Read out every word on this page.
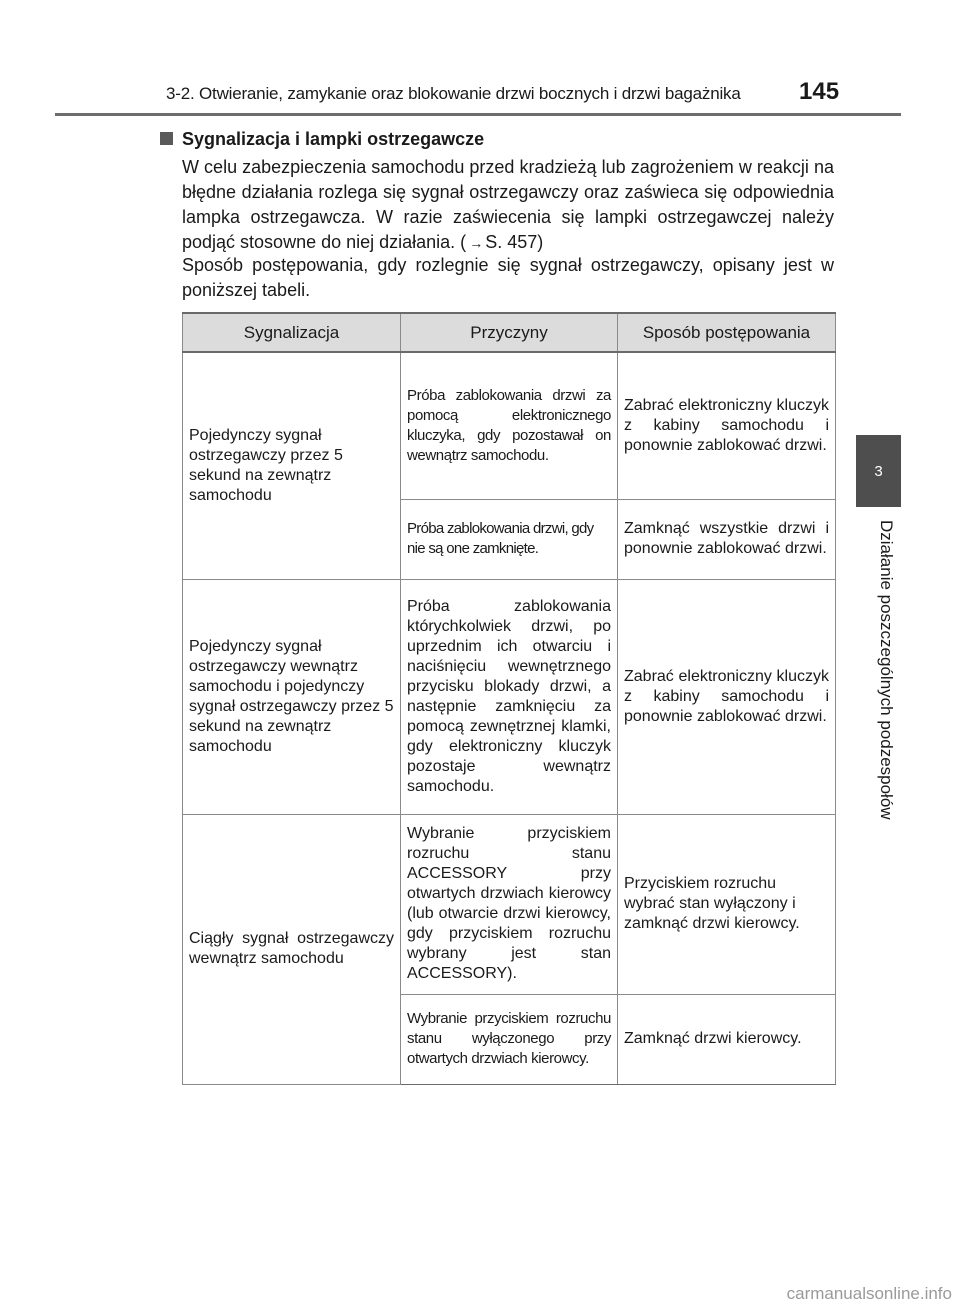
3-2. Otwieranie, zamykanie oraz blokowanie drzwi bocznych i drzwi bagażnika 145
Sygnalizacja i lampki ostrzegawcze

W celu zabezpieczenia samochodu przed kradzieżą lub zagrożeniem w reakcji na błędne działania rozlega się sygnał ostrzegawczy oraz zaświeca się odpowiednia lampka ostrzegawcza. W razie zaświecenia się lampki ostrzegawczej należy podjąć stosowne do niej działania. ( → S. 457)

Sposób postępowania, gdy rozlegnie się sygnał ostrzegawczy, opisany jest w poniższej tabeli.

Sygnalizacja	Przyczyny	Sposób postępowania
Pojedynczy sygnał ostrzegawczy przez 5 sekund na zewnątrz samochodu	Próba zablokowania drzwi za pomocą elektronicznego kluczyka, gdy pozostawał on wewnątrz samochodu.	Zabrać elektroniczny kluczyk z kabiny samochodu i ponownie zablokować drzwi.
	Próba zablokowania drzwi, gdy nie są one zamknięte.	Zamknąć wszystkie drzwi i ponownie zablokować drzwi.
Pojedynczy sygnał ostrzegawczy wewnątrz samochodu i pojedynczy sygnał ostrzegawczy przez 5 sekund na zewnątrz samochodu	Próba zablokowania którychkolwiek drzwi, po uprzednim ich otwarciu i naciśnięciu wewnętrznego przycisku blokady drzwi, a następnie zamknięciu za pomocą zewnętrznej klamki, gdy elektroniczny kluczyk pozostaje wewnątrz samochodu.	Zabrać elektroniczny kluczyk z kabiny samochodu i ponownie zablokować drzwi.
Ciągły sygnał ostrzegawczy wewnątrz samochodu	Wybranie przyciskiem rozruchu stanu ACCESSORY przy otwartych drzwiach kierowcy (lub otwarcie drzwi kierowcy, gdy przyciskiem rozruchu wybrany jest stan ACCESSORY).	Przyciskiem rozruchu wybrać stan wyłączony i zamknąć drzwi kierowcy.
	Wybranie przyciskiem rozruchu stanu wyłączonego przy otwartych drzwiach kierowcy.	Zamknąć drzwi kierowcy.
3
Działanie poszczególnych podzespołów
carmanualsonline.info
